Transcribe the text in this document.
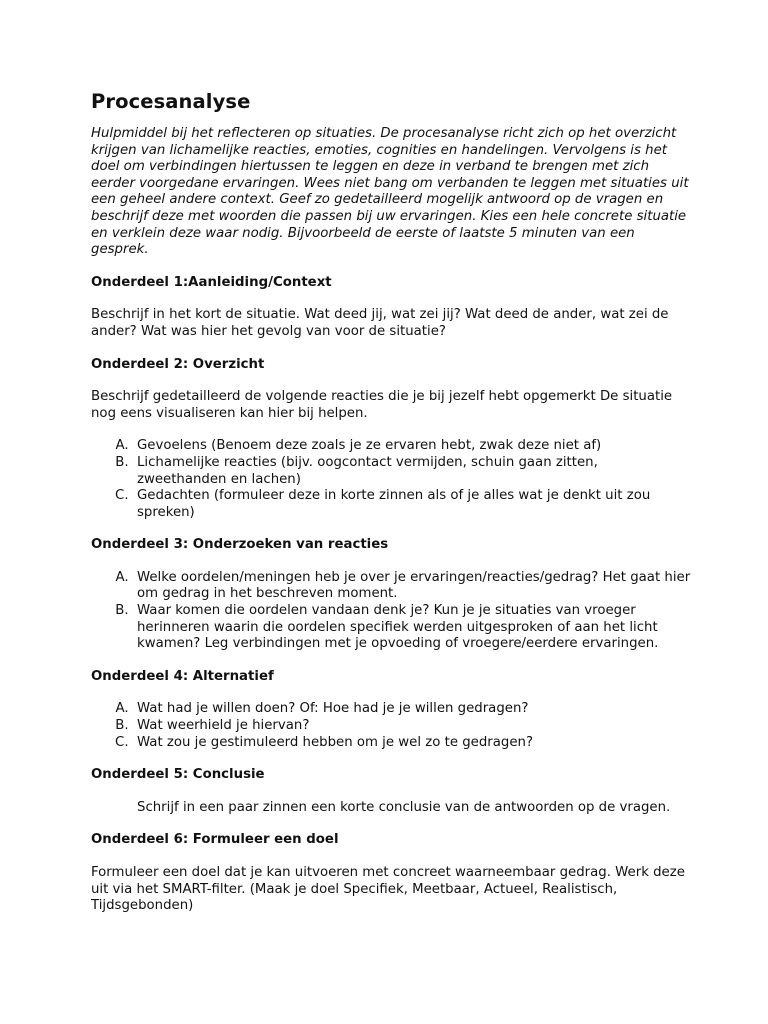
Procesanalyse
Hulpmiddel bij het reflecteren op situaties. De procesanalyse richt zich op het overzicht krijgen van lichamelijke reacties, emoties, cognities en handelingen. Vervolgens is het doel om verbindingen hiertussen te leggen en deze in verband te brengen met zich eerder voorgedane ervaringen. Wees niet bang om verbanden te leggen met situaties uit een geheel andere context. Geef zo gedetailleerd mogelijk antwoord op de vragen en beschrijf deze met woorden die passen bij uw ervaringen. Kies een hele concrete situatie en verklein deze waar nodig. Bijvoorbeeld de eerste of laatste 5 minuten van een gesprek.
Onderdeel 1:Aanleiding/Context
Beschrijf in het kort de situatie. Wat deed jij, wat zei jij? Wat deed de ander, wat zei de ander? Wat was hier het gevolg van voor de situatie?
Onderdeel 2: Overzicht
Beschrijf gedetailleerd de volgende reacties die je bij jezelf hebt opgemerkt De situatie nog eens visualiseren kan hier bij helpen.
A. Gevoelens (Benoem deze zoals je ze ervaren hebt, zwak deze niet af)
B. Lichamelijke reacties (bijv. oogcontact vermijden, schuin gaan zitten, zweethanden en lachen)
C. Gedachten (formuleer deze in korte zinnen als of je alles wat je denkt uit zou spreken)
Onderdeel 3: Onderzoeken van reacties
A. Welke oordelen/meningen heb je over je ervaringen/reacties/gedrag? Het gaat hier om gedrag in het beschreven moment.
B. Waar komen die oordelen vandaan denk je? Kun je je situaties van vroeger herinneren waarin die oordelen specifiek werden uitgesproken of aan het licht kwamen? Leg verbindingen met je opvoeding of vroegere/eerdere ervaringen.
Onderdeel 4: Alternatief
A. Wat had je willen doen? Of: Hoe had je je willen gedragen?
B. Wat weerhield je hiervan?
C. Wat zou je gestimuleerd hebben om je wel zo te gedragen?
Onderdeel 5: Conclusie
Schrijf in een paar zinnen een korte conclusie van de antwoorden op de vragen.
Onderdeel 6: Formuleer een doel
Formuleer een doel dat je kan uitvoeren met concreet waarneembaar gedrag. Werk deze uit via het SMART-filter. (Maak je doel Specifiek, Meetbaar, Actueel, Realistisch, Tijdsgebonden)
